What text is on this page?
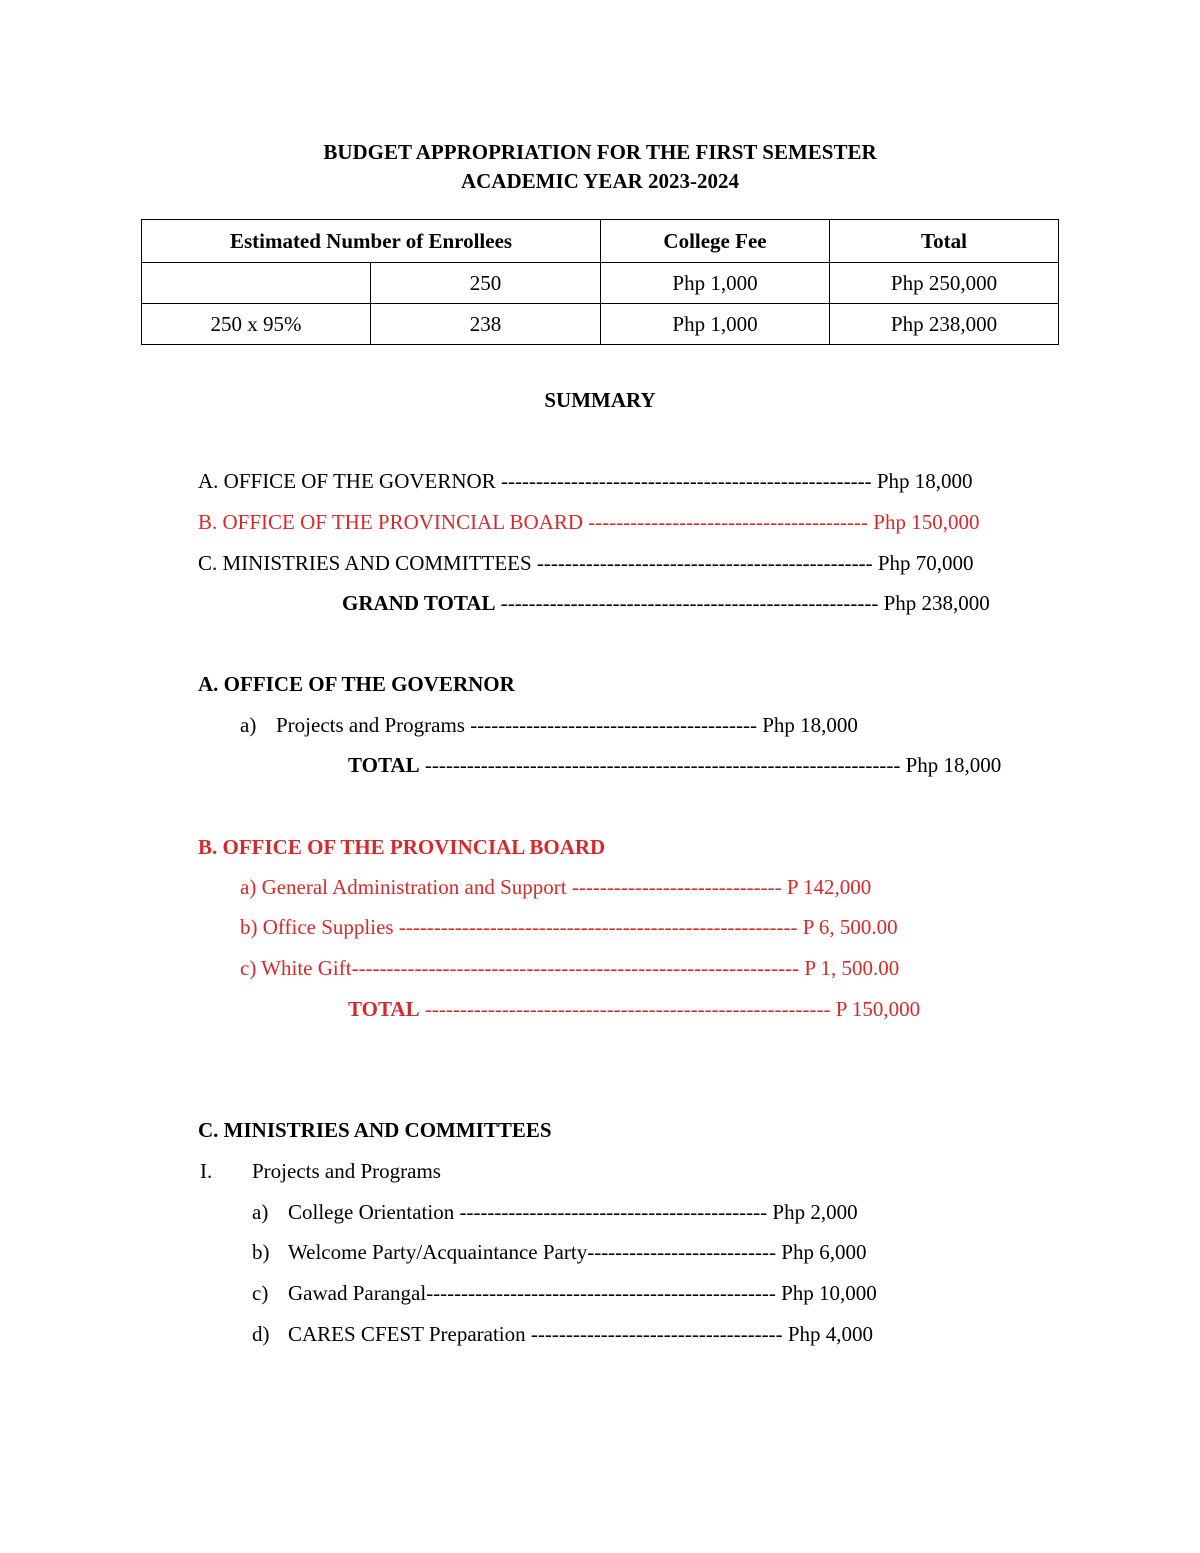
BUDGET APPROPRIATION FOR THE FIRST SEMESTER
ACADEMIC YEAR 2023-2024
Estimated Number of Enrollees		College Fee	Total
	250	Php 1,000	Php 250,000
250 x 95%	238	Php 1,000	Php 238,000
SUMMARY
A. OFFICE OF THE GOVERNOR ----------------------------------------------------- Php 18,000
B. OFFICE OF THE PROVINCIAL BOARD ---------------------------------------- Php 150,000
C. MINISTRIES AND COMMITTEES ------------------------------------------------ Php 70,000
GRAND TOTAL ------------------------------------------------------ Php 238,000
A. OFFICE OF THE GOVERNOR
a) Projects and Programs ----------------------------------------- Php 18,000
TOTAL -------------------------------------------------------------------- Php 18,000
B. OFFICE OF THE PROVINCIAL BOARD
a) General Administration and Support ------------------------------ P 142,000
b) Office Supplies --------------------------------------------------------- P 6, 500.00
c) White Gift---------------------------------------------------------------- P 1, 500.00
TOTAL ---------------------------------------------------------- P 150,000
C. MINISTRIES AND COMMITTEES
I. Projects and Programs
a) College Orientation -------------------------------------------- Php 2,000
b) Welcome Party/Acquaintance Party--------------------------- Php 6,000
c) Gawad Parangal-------------------------------------------------- Php 10,000
d) CARES CFEST Preparation ------------------------------------ Php 4,000
